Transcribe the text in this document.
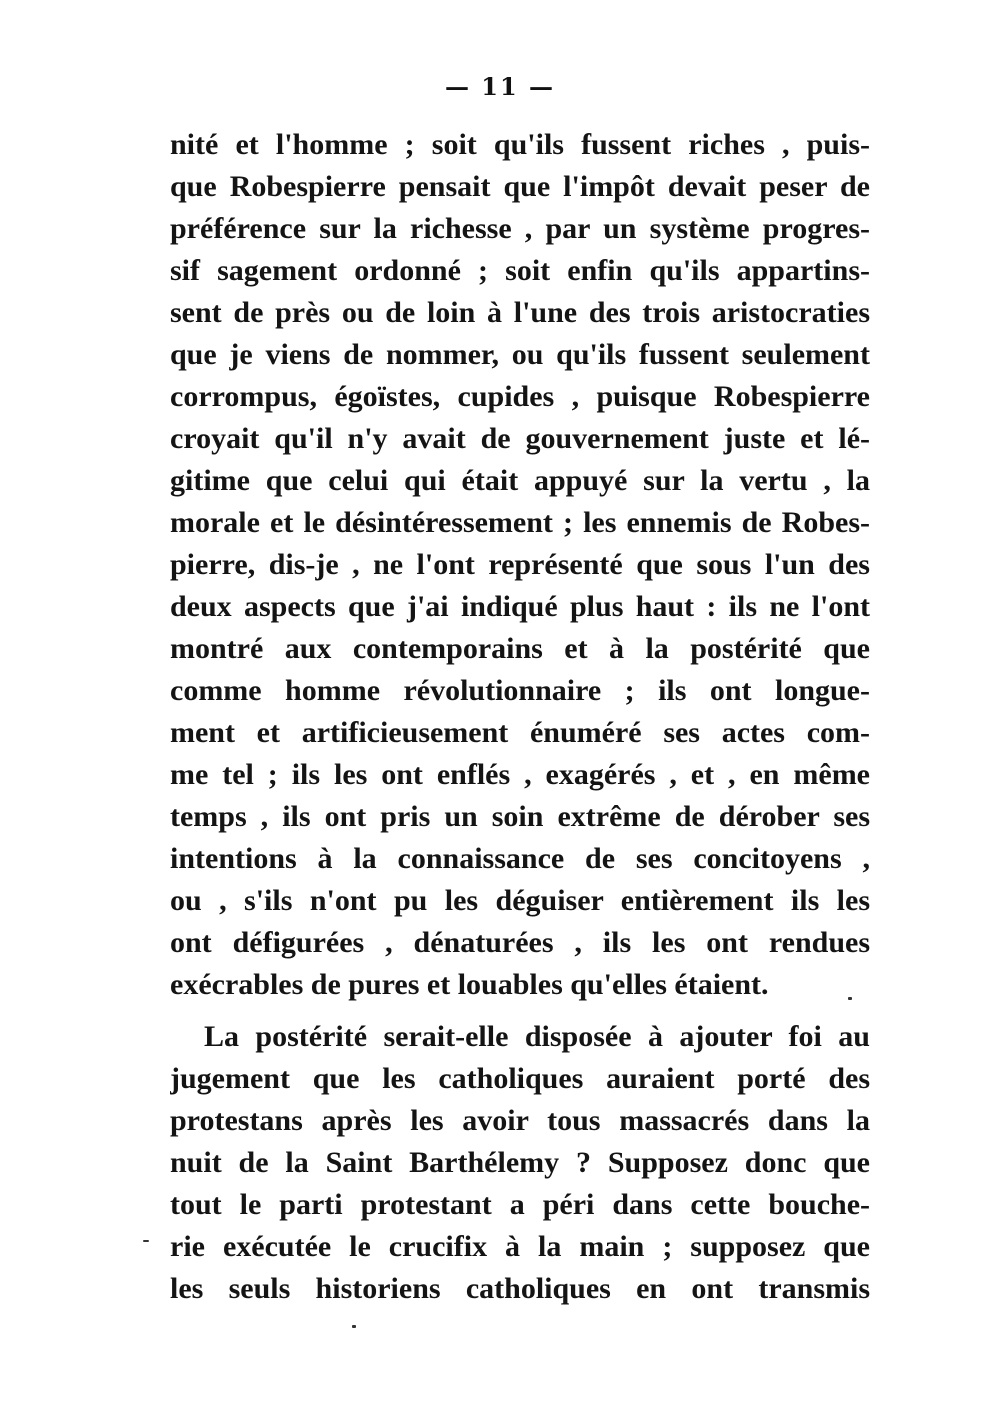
— 11 —
nité et l'homme ; soit qu'ils fussent riches , puis-
que Robespierre pensait que l'impôt devait peser de
préférence sur la richesse , par un système progres-
sif sagement ordonné ; soit enfin qu'ils appartins-
sent de près ou de loin à l'une des trois aristocraties
que je viens de nommer, ou qu'ils fussent seulement
corrompus, égoïstes, cupides , puisque Robespierre
croyait qu'il n'y avait de gouvernement juste et lé-
gitime que celui qui était appuyé sur la vertu , la
morale et le désintéressement ; les ennemis de Robes-
pierre, dis-je , ne l'ont représenté que sous l'un des
deux aspects que j'ai indiqué plus haut : ils ne l'ont
montré aux contemporains et à la postérité que
comme homme révolutionnaire ; ils ont longue-
ment et artificieusement énuméré ses actes com-
me tel ; ils les ont enflés , exagérés , et , en même
temps , ils ont pris un soin extrême de dérober ses
intentions à la connaissance de ses concitoyens ,
ou , s'ils n'ont pu les déguiser entièrement ils les
ont défigurées , dénaturées , ils les ont rendues
exécrables de pures et louables qu'elles étaient.
La postérité serait-elle disposée à ajouter foi au
jugement que les catholiques auraient porté des
protestans après les avoir tous massacrés dans la
nuit de la Saint Barthélemy ? Supposez donc que
tout le parti protestant a péri dans cette bouche-
rie exécutée le crucifix à la main ; supposez que
les seuls historiens catholiques en ont transmis
